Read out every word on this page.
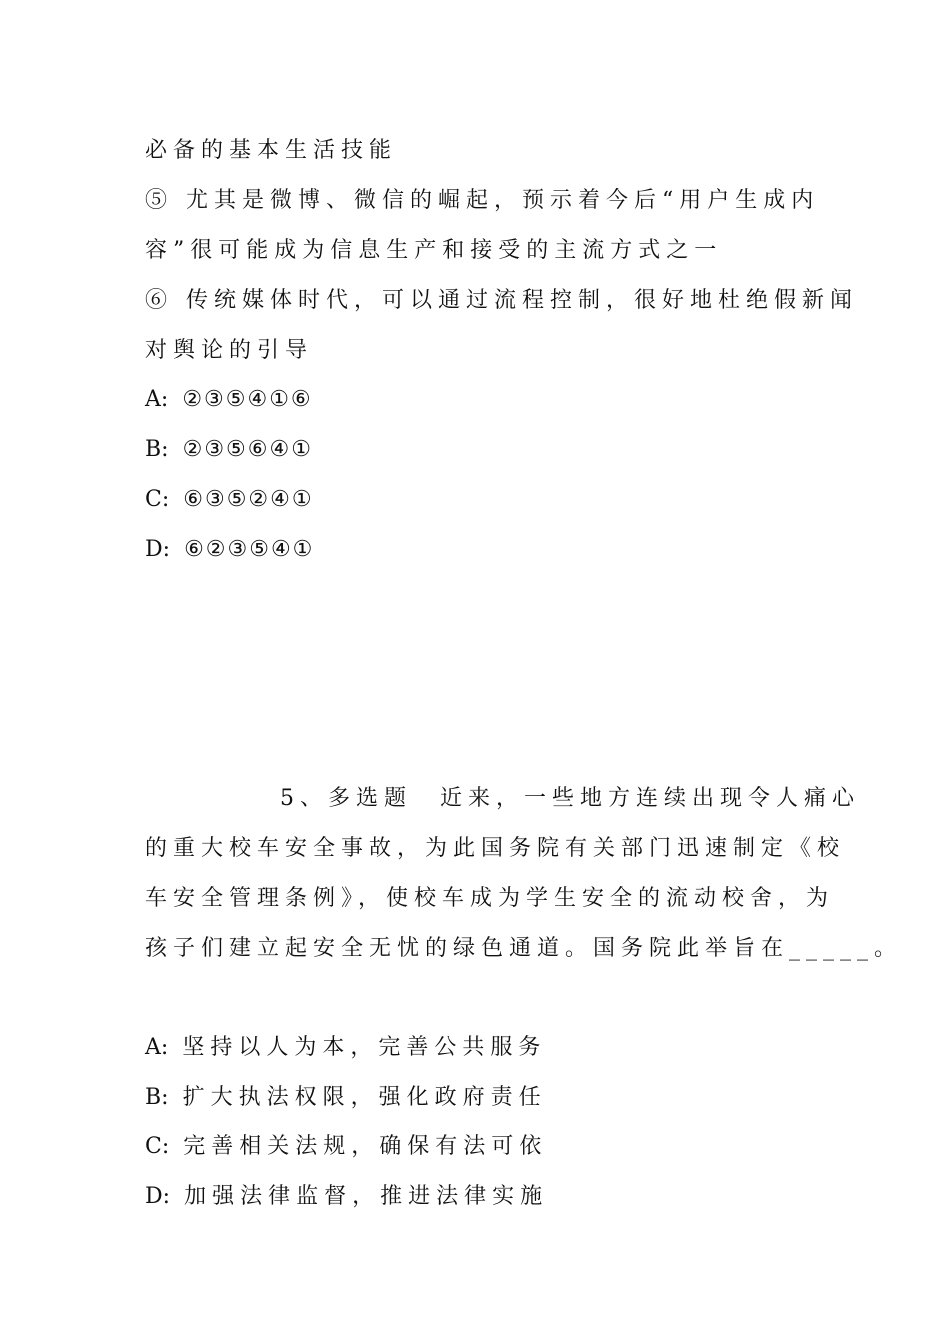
必备的基本生活技能
⑤ 尤其是微博、微信的崛起，预示着今后“用户生成内
容”很可能成为信息生产和接受的主流方式之一
⑥ 传统媒体时代，可以通过流程控制，很好地杜绝假新闻
对舆论的引导
A: ②③⑤④①⑥
B: ②③⑤⑥④①
C: ⑥③⑤②④①
D: ⑥②③⑤④①
5、多选题 近来，一些地方连续出现令人痛心
的重大校车安全事故，为此国务院有关部门迅速制定《校
车安全管理条例》，使校车成为学生安全的流动校舍，为
孩子们建立起安全无忧的绿色通道。国务院此举旨在_____。
A: 坚持以人为本，完善公共服务
B: 扩大执法权限，强化政府责任
C: 完善相关法规，确保有法可依
D: 加强法律监督，推进法律实施
